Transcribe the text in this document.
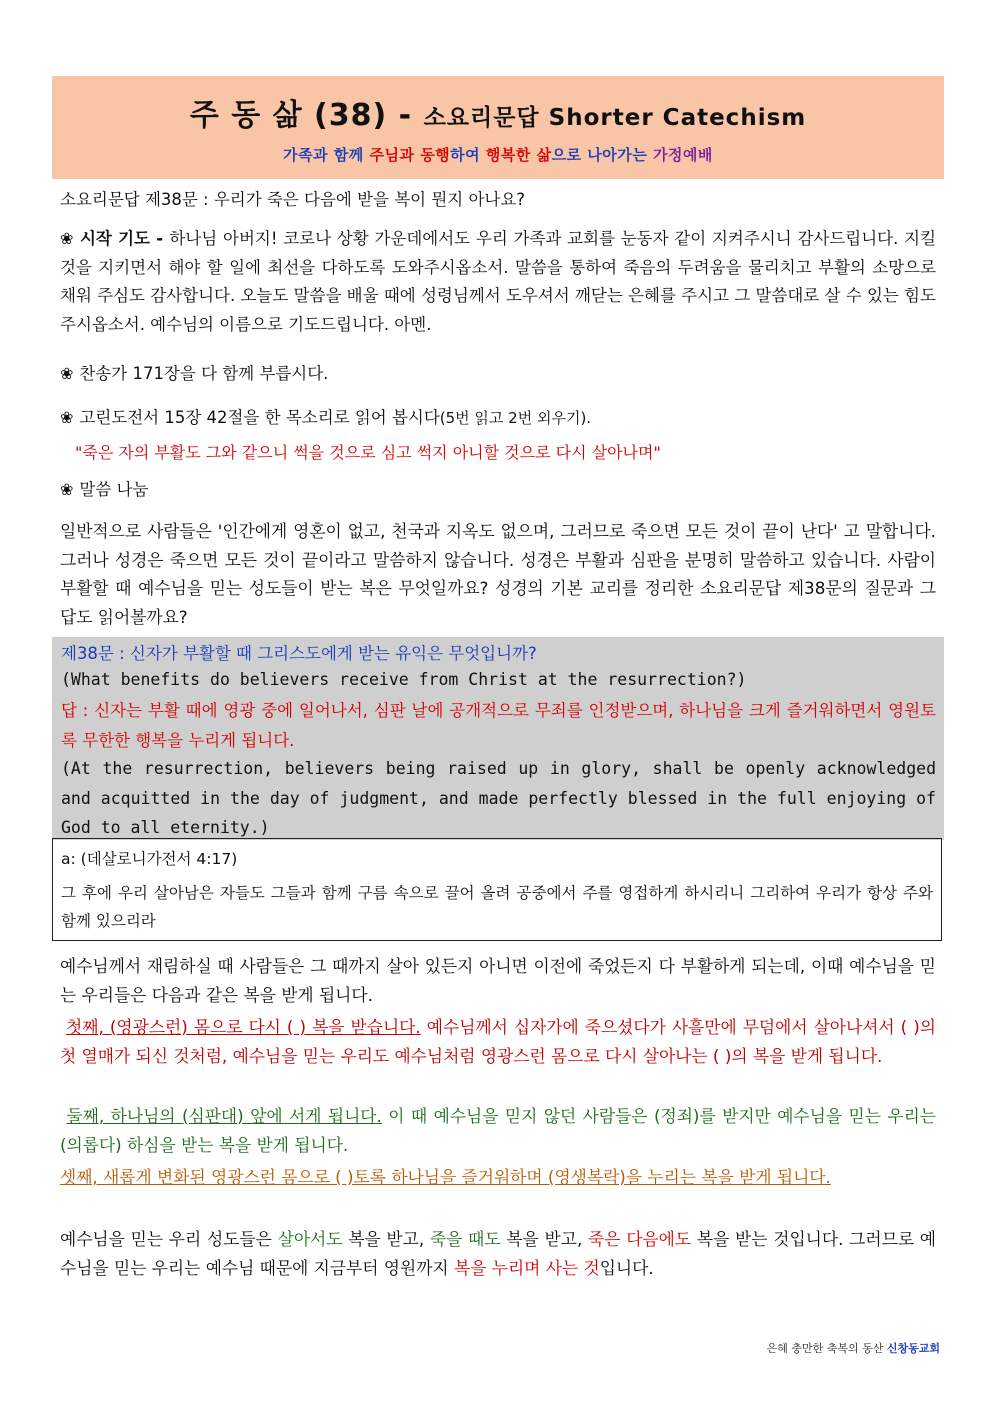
주 동 삶 (38) - 소요리문답 Shorter Catechism
가족과 함께 주님과 동행하여 행복한 삶으로 나아가는 가정예배
소요리문답 제38문 : 우리가 죽은 다음에 받을 복이 뭔지 아나요?
❀ 시작 기도 - 하나님 아버지! 코로나 상황 가운데에서도 우리 가족과 교회를 눈동자 같이 지켜주시니 감사드립니다. 지킬 것을 지키면서 해야 할 일에 최선을 다하도록 도와주시옵소서. 말씀을 통하여 죽음의 두려움을 물리치고 부활의 소망으로 채워 주심도 감사합니다. 오늘도 말씀을 배울 때에 성령님께서 도우셔서 깨닫는 은혜를 주시고 그 말씀대로 살 수 있는 힘도 주시옵소서. 예수님의 이름으로 기도드립니다. 아멘.
❀ 찬송가 171장을 다 함께 부릅시다.
❀ 고린도전서 15장 42절을 한 목소리로 읽어 봅시다(5번 읽고 2번 외우기).
"죽은 자의 부활도 그와 같으니 썩을 것으로 심고 썩지 아니할 것으로 다시 살아나며"
❀ 말씀 나눔
일반적으로 사람들은 '인간에게 영혼이 없고, 천국과 지옥도 없으며, 그러므로 죽으면 모든 것이 끝이 난다' 고 말합니다. 그러나 성경은 죽으면 모든 것이 끝이라고 말씀하지 않습니다. 성경은 부활과 심판을 분명히 말씀하고 있습니다. 사람이 부활할 때 예수님을 믿는 성도들이 받는 복은 무엇일까요? 성경의 기본 교리를 정리한 소요리문답 제38문의 질문과 그 답도 읽어볼까요?
제38문 : 신자가 부활할 때 그리스도에게 받는 유익은 무엇입니까?
(What benefits do believers receive from Christ at the resurrection?)
답 : 신자는 부활 때에 영광 중에 일어나서, 심판 날에 공개적으로 무죄를 인정받으며, 하나님을 크게 즐거워하면서 영원토록 무한한 행복을 누리게 됩니다.
(At the resurrection, believers being raised up in glory, shall be openly acknowledged and acquitted in the day of judgment, and made perfectly blessed in the full enjoying of God to all eternity.)
a: (데살로니가전서 4:17)
그 후에 우리 살아남은 자들도 그들과 함께 구름 속으로 끌어 올려 공중에서 주를 영접하게 하시리니 그리하여 우리가 항상 주와 함께 있으리라
예수님께서 재림하실 때 사람들은 그 때까지 살아 있든지 아니면 이전에 죽었든지 다 부활하게 되는데, 이때 예수님을 믿는 우리들은 다음과 같은 복을 받게 됩니다.
첫째, (영광스런) 몸으로 다시 ( ) 복을 받습니다. 예수님께서 십자가에 죽으셨다가 사흘만에 무덤에서 살아나셔서 ( )의 첫 열매가 되신 것처럼, 예수님을 믿는 우리도 예수님처럼 영광스런 몸으로 다시 살아나는 ( )의 복을 받게 됩니다.
둘째, 하나님의 (심판대) 앞에 서게 됩니다. 이 때 예수님을 믿지 않던 사람들은 (정죄)를 받지만 예수님을 믿는 우리는 (의롭다) 하심을 받는 복을 받게 됩니다.
셋째, 새롭게 변화된 영광스런 몸으로 ( )토록 하나님을 즐거워하며 (영생복락)을 누리는 복을 받게 됩니다.
예수님을 믿는 우리 성도들은 살아서도 복을 받고, 죽을 때도 복을 받고, 죽은 다음에도 복을 받는 것입니다. 그러므로 예수님을 믿는 우리는 예수님 때문에 지금부터 영원까지 복을 누리며 사는 것입니다.
은혜 충만한 축복의 동산 신창동교회
